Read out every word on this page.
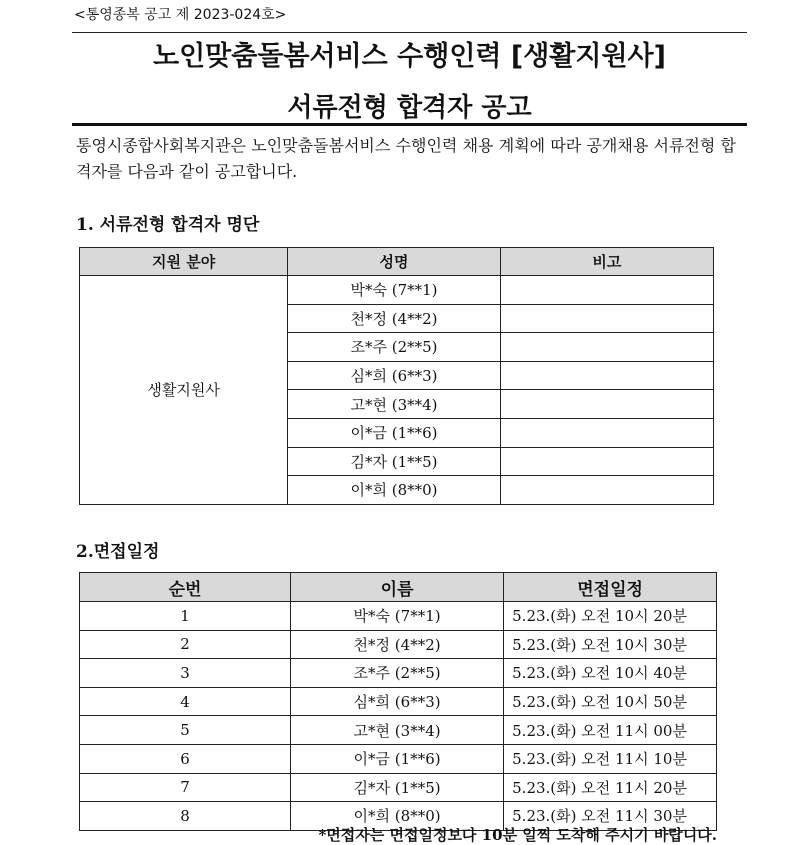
<통영종복 공고 제 2023-024호>
노인맞춤돌봄서비스 수행인력 [생활지원사]
서류전형 합격자 공고
통영시종합사회복지관은 노인맞춤돌봄서비스 수행인력 채용 계획에 따라 공개채용 서류전형 합격자를 다음과 같이 공고합니다.
1. 서류전형 합격자 명단
지원 분야	성명	비고
생활지원사	박*숙 (7**1)	
	천*정 (4**2)	
	조*주 (2**5)	
	심*희 (6**3)	
	고*현 (3**4)	
	이*금 (1**6)	
	김*자 (1**5)	
	이*희 (8**0)	
2.면접일정
순번	이름	면접일정
1	박*숙 (7**1)	5.23.(화) 오전 10시 20분
2	천*정 (4**2)	5.23.(화) 오전 10시 30분
3	조*주 (2**5)	5.23.(화) 오전 10시 40분
4	심*희 (6**3)	5.23.(화) 오전 10시 50분
5	고*현 (3**4)	5.23.(화) 오전 11시 00분
6	이*금 (1**6)	5.23.(화) 오전 11시 10분
7	김*자 (1**5)	5.23.(화) 오전 11시 20분
8	이*희 (8**0)	5.23.(화) 오전 11시 30분
*면접자는 면접일정보다 10분 일찍 도착해 주시기 바랍니다.
